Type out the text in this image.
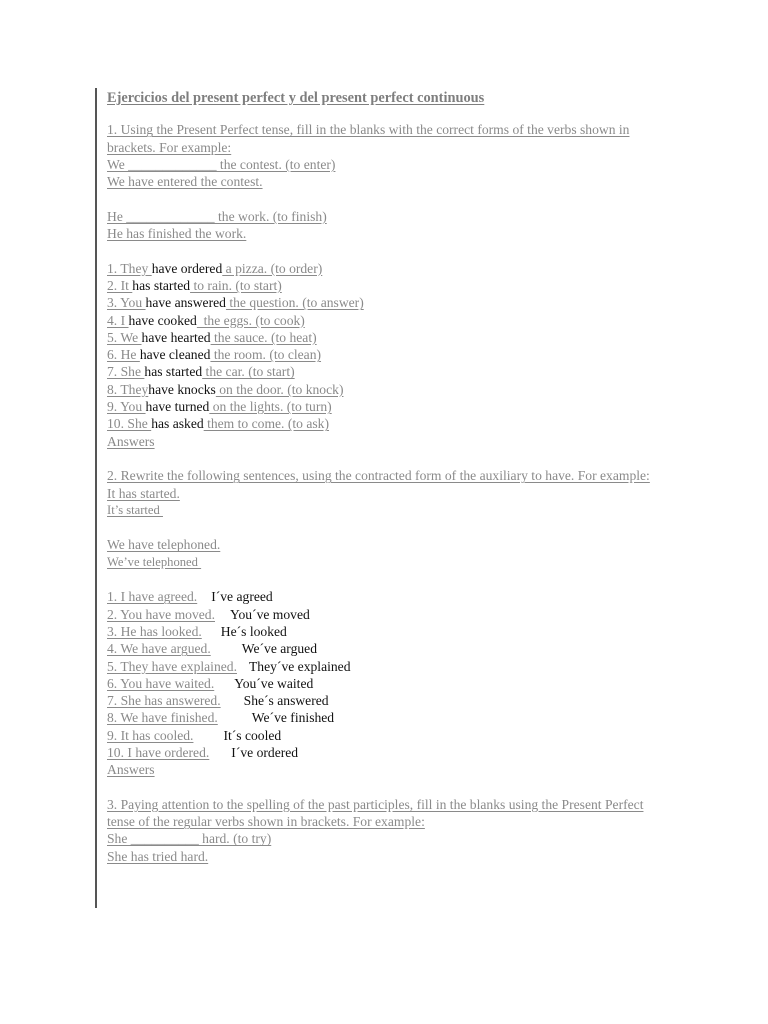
Ejercicios del present perfect y del present perfect continuous
1. Using the Present Perfect tense, fill in the blanks with the correct forms of the verbs shown in brackets. For example:
We _____________ the contest. (to enter)
We have entered the contest.
He _____________ the work. (to finish)
He has finished the work.
1. They have ordered a pizza. (to order)
2. It has started to rain. (to start)
3. You have answered the question. (to answer)
4. I have cooked  the eggs. (to cook)
5. We have hearted the sauce. (to heat)
6. He have cleaned the room. (to clean)
7. She has started the car. (to start)
8. Theyhave knocks on the door. (to knock)
9. You have turned on the lights. (to turn)
10. She has asked them to come. (to ask)
Answers
2. Rewrite the following sentences, using the contracted form of the auxiliary to have. For example:
It has started.
It’s started
We have telephoned.
We’ve telephoned
1. I have agreed. I´ve agreed
2. You have moved. You´ve moved
3. He has looked. He´s looked
4. We have argued. We´ve argued
5. They have explained. They´ve explained
6. You have waited. You´ve waited
7. She has answered. She´s answered
8. We have finished.	We´ve finished
9. It has cooled. It´s cooled
10. I have ordered. I´ve ordered
Answers
3. Paying attention to the spelling of the past participles, fill in the blanks using the Present Perfect tense of the regular verbs shown in brackets. For example:
She __________ hard. (to try)
She has tried hard.
